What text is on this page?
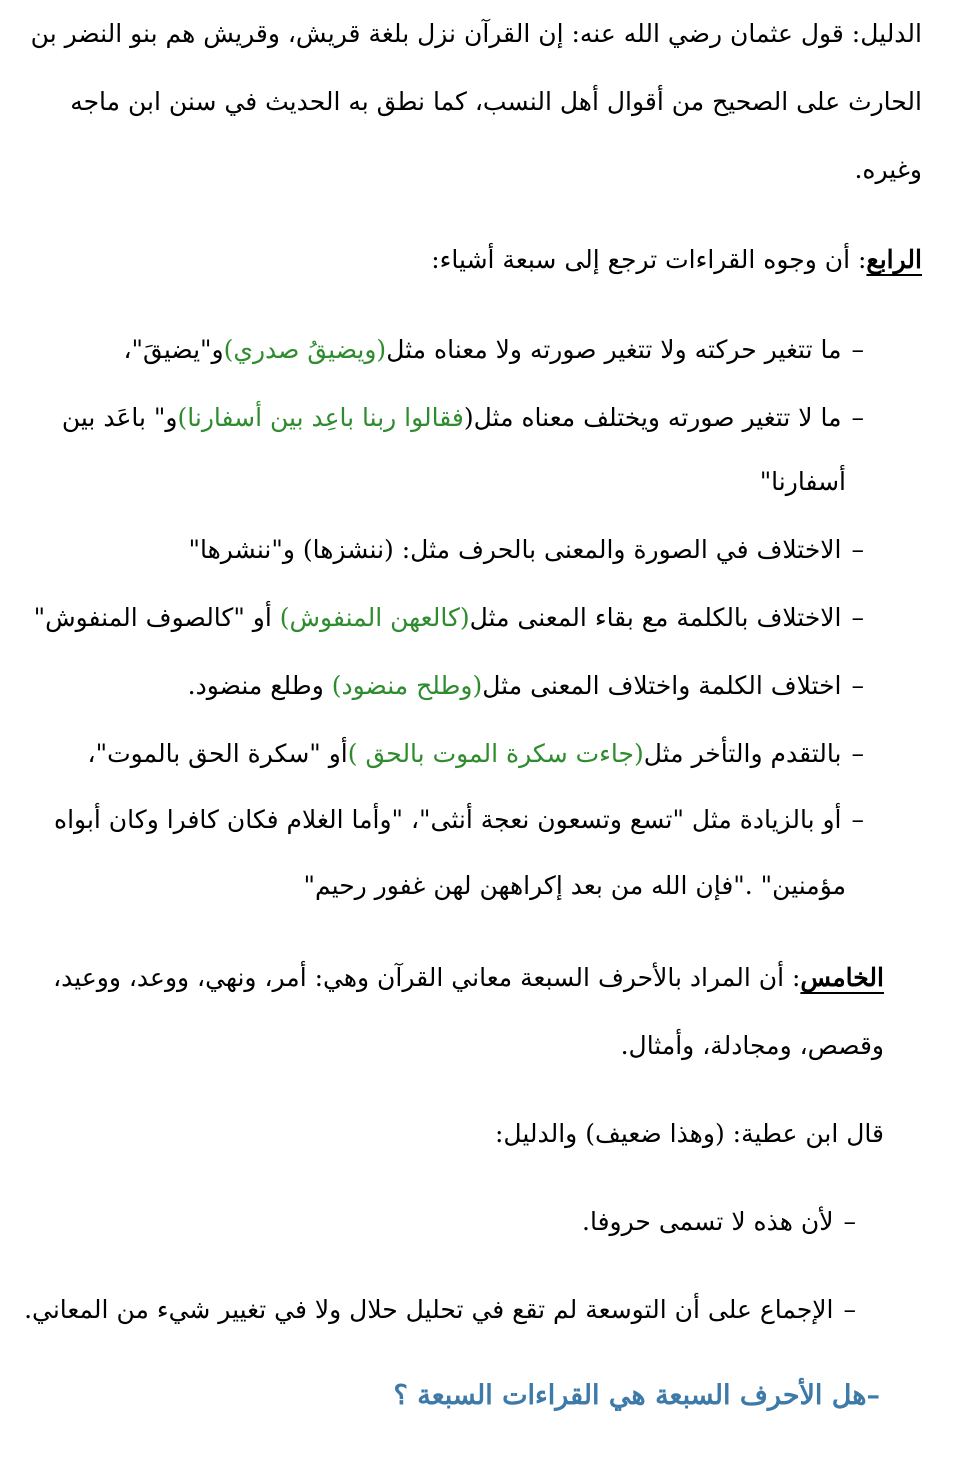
الدليل: قول عثمان رضي الله عنه: إن القرآن نزل بلغة قريش، وقريش هم بنو النضر بن

الحارث على الصحيح من أقوال أهل النسب، كما نطق به الحديث في سنن ابن ماجه

وغيره.

الرابع: أن وجوه القراءات ترجع إلى سبعة أشياء:

–ما تتغير حركته ولا تتغير صورته ولا معناه مثل(ويضيقُ صدري)و"يضيقَ"،

–ما لا تتغير صورته ويختلف معناه مثل(فقالوا ربنا باعِد بين أسفارنا)و" باعَد بين

أسفارنا"

–الاختلاف في الصورة والمعنى بالحرف مثل: (ننشزها) و"ننشرها"

–الاختلاف بالكلمة مع بقاء المعنى مثل(كالعهن المنفوش) أو "كالصوف المنفوش"

–اختلاف الكلمة واختلاف المعنى مثل(وطلح منضود) وطلع منضود.

–بالتقدم والتأخر مثل(جاءت سكرة الموت بالحق )أو "سكرة الحق بالموت"،

–أو بالزيادة مثل "تسع وتسعون نعجة أنثى"، "وأما الغلام فكان كافرا وكان أبواه

مؤمنين" ."فإن الله من بعد إكراههن لهن غفور رحيم"

الخامس: أن المراد بالأحرف السبعة معاني القرآن وهي: أمر، ونهي، ووعد، ووعيد،

وقصص، ومجادلة، وأمثال.

قال ابن عطية: (وهذا ضعيف) والدليل:

–لأن هذه لا تسمى حروفا.

–الإجماع على أن التوسعة لم تقع في تحليل حلال ولا في تغيير شيء من المعاني.

–هل الأحرف السبعة هي القراءات السبعة ؟
